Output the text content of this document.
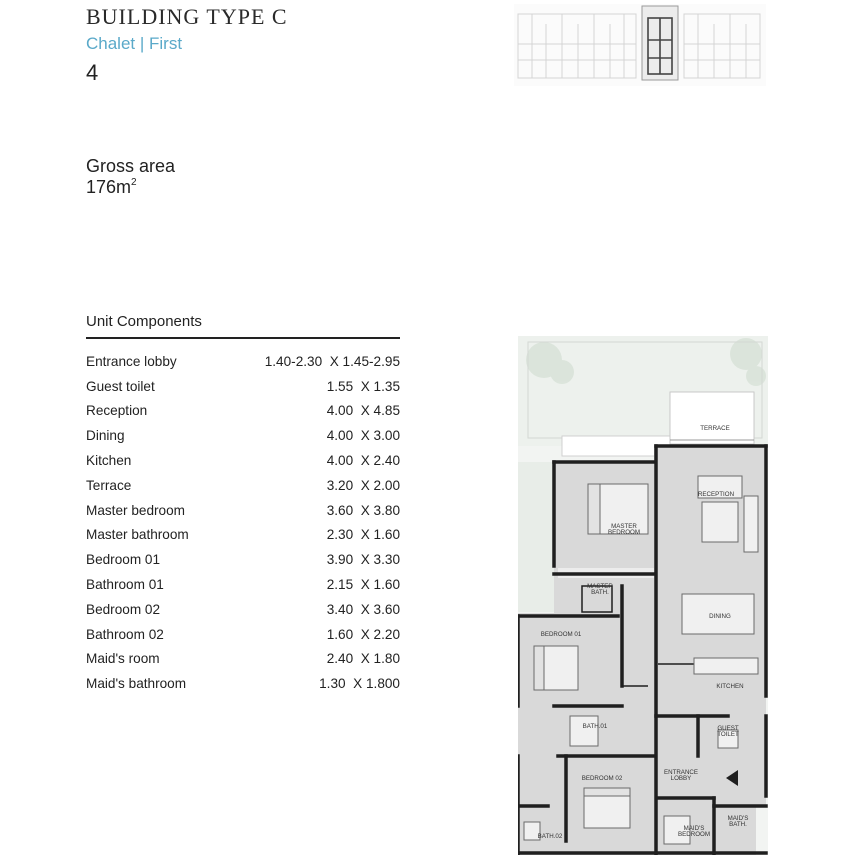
BUILDING TYPE C
Chalet | First
4
Gross area
$176m^2$
Unit Components
Entrance lobby	1.40-2.30  X 1.45-2.95
Guest toilet	1.55  X 1.35
Reception	4.00  X 4.85
Dining	4.00  X 3.00
Kitchen	4.00  X 2.40
Terrace	3.20  X 2.00
Master bedroom	3.60  X 3.80
Master bathroom	2.30  X 1.60
Bedroom 01	3.90  X 3.30
Bathroom 01	2.15  X 1.60
Bedroom 02	3.40  X 3.60
Bathroom 02	1.60  X 2.20
Maid's room	2.40  X 1.80
Maid's bathroom	1.30  X 1.800
TERRACE
RECEPTION
MASTER
BEDROOM
MASTER
BATH.
DINING
BEDROOM 01
KITCHEN
BATH.01	GUEST
TOILET
ENTRANCE
LOBBY
BEDROOM 02
MAID'S
BATH.
MAID'S
BEDROOM
BATH.02
